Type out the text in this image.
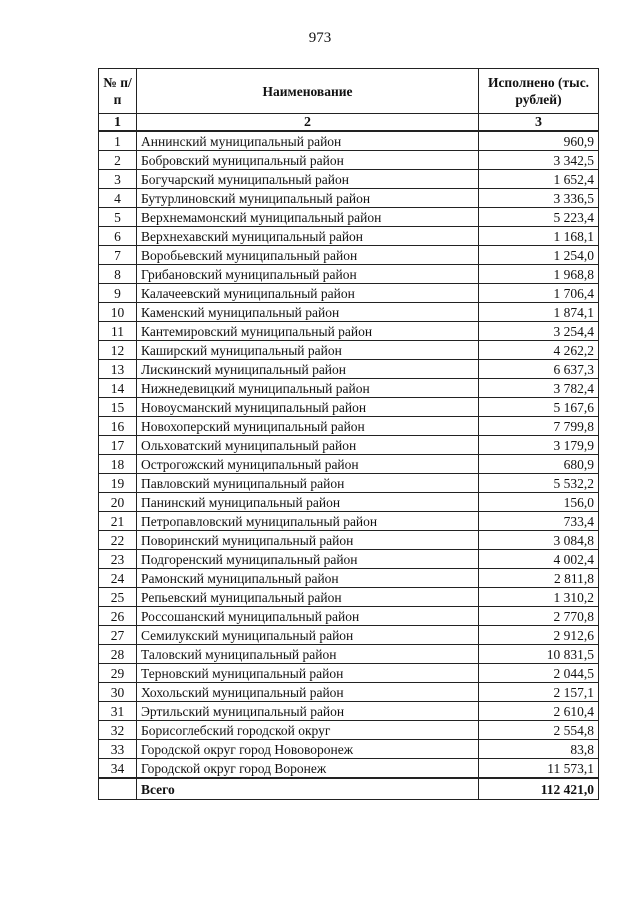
973
№ п/п	Наименование	Исполнено (тыс. рублей)
1	2	3
1	Аннинский муниципальный район	960,9
2	Бобровский муниципальный район	3 342,5
3	Богучарский муниципальный район	1 652,4
4	Бутурлиновский муниципальный район	3 336,5
5	Верхнемамонский муниципальный район	5 223,4
6	Верхнехавский муниципальный район	1 168,1
7	Воробьевский муниципальный район	1 254,0
8	Грибановский муниципальный район	1 968,8
9	Калачеевский муниципальный район	1 706,4
10	Каменский муниципальный район	1 874,1
11	Кантемировский муниципальный район	3 254,4
12	Каширский муниципальный район	4 262,2
13	Лискинский муниципальный район	6 637,3
14	Нижнедевицкий муниципальный район	3 782,4
15	Новоусманский муниципальный район	5 167,6
16	Новохоперский муниципальный район	7 799,8
17	Ольховатский муниципальный район	3 179,9
18	Острогожский муниципальный район	680,9
19	Павловский муниципальный район	5 532,2
20	Панинский муниципальный район	156,0
21	Петропавловский муниципальный район	733,4
22	Поворинский муниципальный район	3 084,8
23	Подгоренский муниципальный район	4 002,4
24	Рамонский муниципальный район	2 811,8
25	Репьевский муниципальный район	1 310,2
26	Россошанский муниципальный район	2 770,8
27	Семилукский муниципальный район	2 912,6
28	Таловский муниципальный район	10 831,5
29	Терновский муниципальный район	2 044,5
30	Хохольский муниципальный район	2 157,1
31	Эртильский муниципальный район	2 610,4
32	Борисоглебский городской округ	2 554,8
33	Городской округ город Нововоронеж	83,8
34	Городской округ город Воронеж	11 573,1
	Всего	112 421,0
